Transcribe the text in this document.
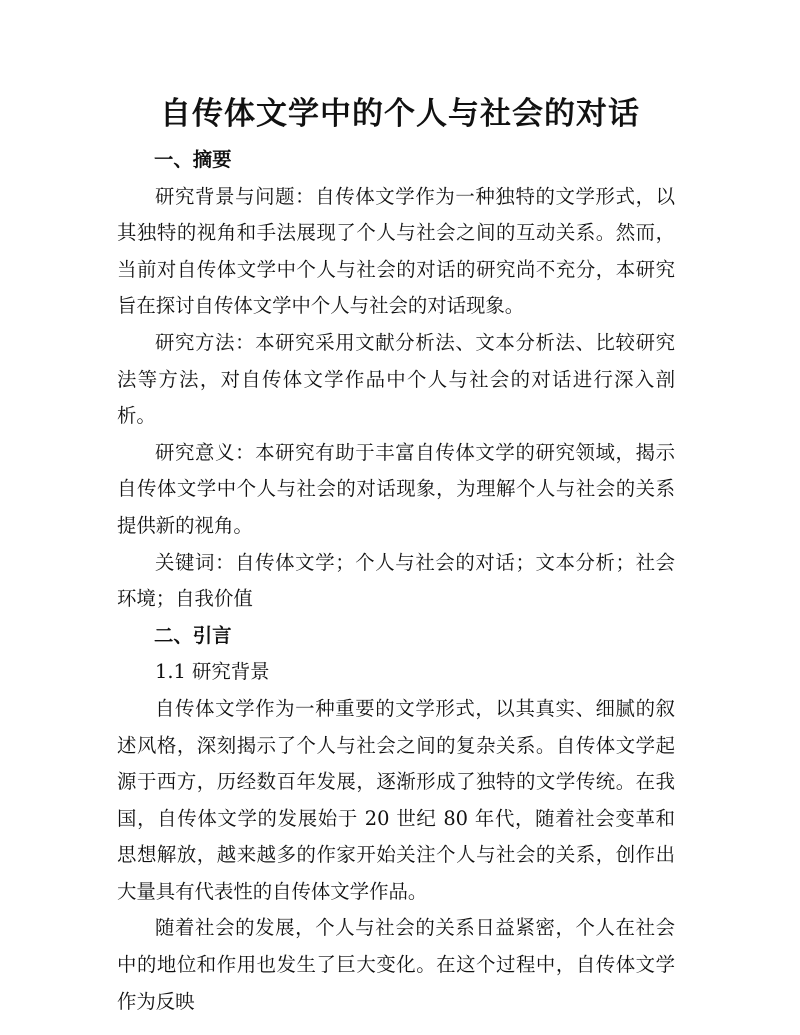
自传体文学中的个人与社会的对话

一、摘要

研究背景与问题：自传体文学作为一种独特的文学形式，以其独特的视角和手法展现了个人与社会之间的互动关系。然而，当前对自传体文学中个人与社会的对话的研究尚不充分，本研究旨在探讨自传体文学中个人与社会的对话现象。

研究方法：本研究采用文献分析法、文本分析法、比较研究法等方法，对自传体文学作品中个人与社会的对话进行深入剖析。

研究意义：本研究有助于丰富自传体文学的研究领域，揭示自传体文学中个人与社会的对话现象，为理解个人与社会的关系提供新的视角。

关键词：自传体文学；个人与社会的对话；文本分析；社会环境；自我价值

二、引言

1.1 研究背景

自传体文学作为一种重要的文学形式，以其真实、细腻的叙述风格，深刻揭示了个人与社会之间的复杂关系。自传体文学起源于西方，历经数百年发展，逐渐形成了独特的文学传统。在我国，自传体文学的发展始于 20 世纪 80 年代，随着社会变革和思想解放，越来越多的作家开始关注个人与社会的关系，创作出大量具有代表性的自传体文学作品。

随着社会的发展，个人与社会的关系日益紧密，个人在社会中的地位和作用也发生了巨大变化。在这个过程中，自传体文学作为反映
